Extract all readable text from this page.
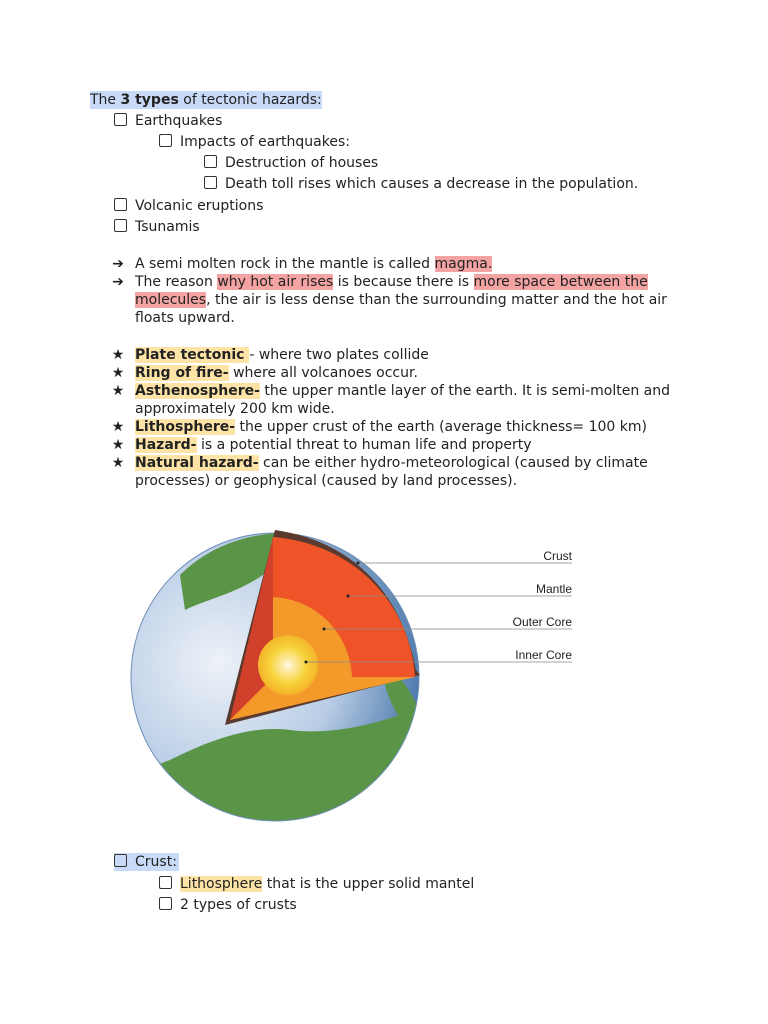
The 3 types of tectonic hazards:
Earthquakes
Impacts of earthquakes:
Destruction of houses
Death toll rises which causes a decrease in the population.
Volcanic eruptions
Tsunamis
➔ A semi molten rock in the mantle is called magma.
➔ The reason why hot air rises is because there is more space between the
molecules, the air is less dense than the surrounding matter and the hot air
floats upward.
★ Plate tectonic - where two plates collide
★ Ring of fire- where all volcanoes occur.
★ Asthenosphere- the upper mantle layer of the earth. It is semi-molten and
approximately 200 km wide.
★ Lithosphere- the upper crust of the earth (average thickness= 100 km)
★ Hazard- is a potential threat to human life and property
★ Natural hazard- can be either hydro-meteorological (caused by climate
processes) or geophysical (caused by land processes).
Crust
Mantle
Outer Core
Inner Core
Crust:
Lithosphere that is the upper solid mantel
2 types of crusts
